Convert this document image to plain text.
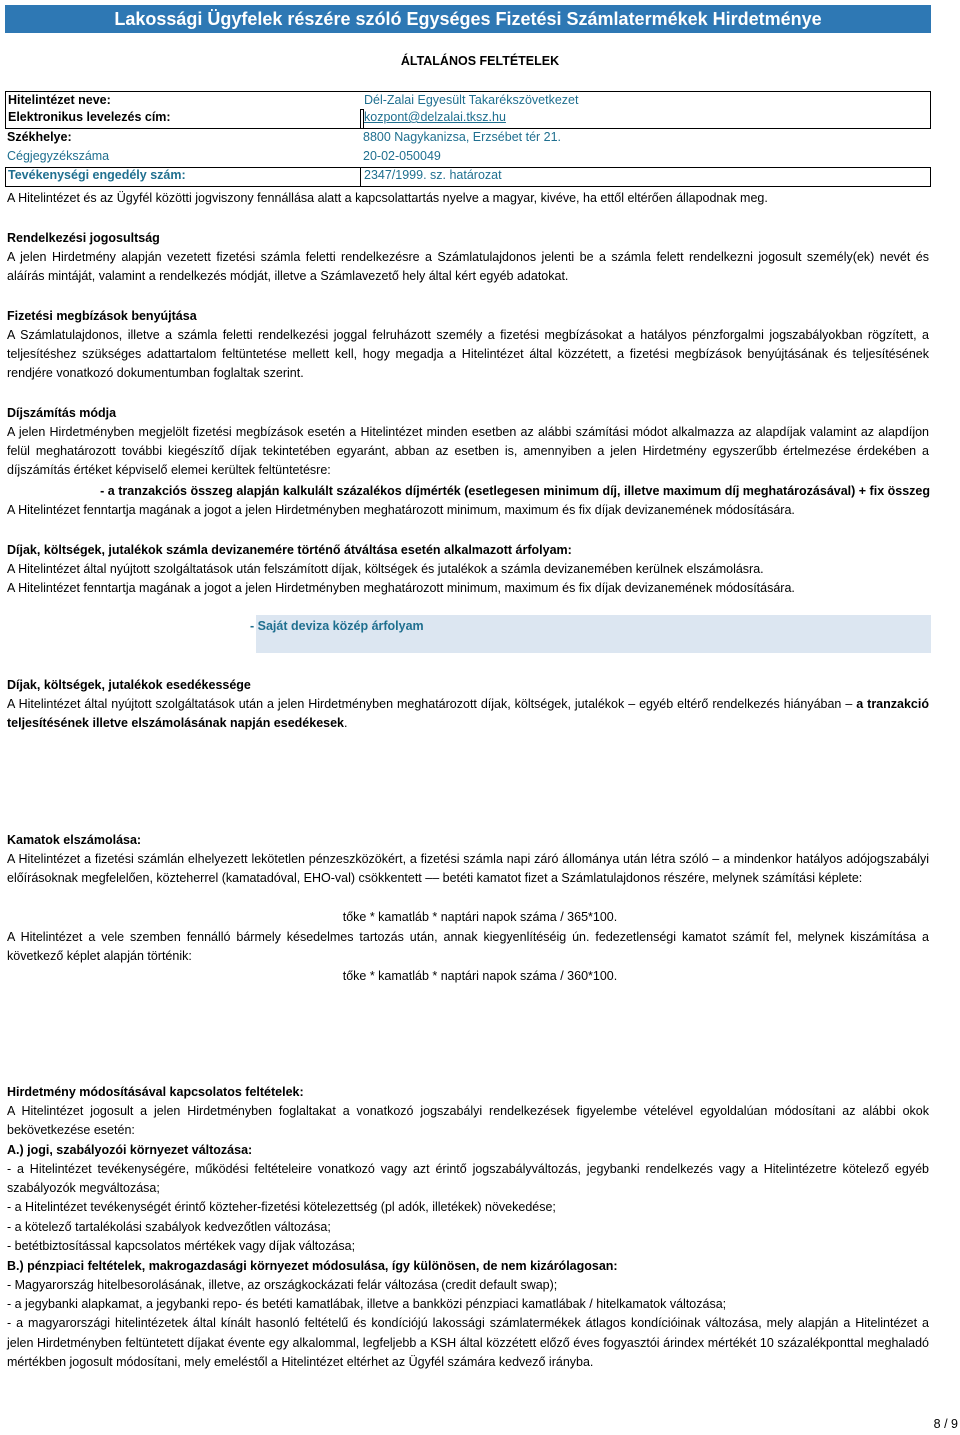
Lakossági Ügyfelek részére szóló Egységes Fizetési Számlatermékek Hirdetménye
ÁLTALÁNOS FELTÉTELEK
Hitelintézet neve:	Dél-Zalai Egyesült Takarékszövetkezet
Elektronikus levelezés cím:	kozpont@delzalai.tksz.hu
Székhelye:	8800 Nagykanizsa, Erzsébet tér 21.
Cégjegyzékszáma	20-02-050049
Tevékenységi engedély szám:	2347/1999. sz. határozat
A Hitelintézet és az Ügyfél közötti jogviszony fennállása alatt a kapcsolattartás nyelve a magyar, kivéve, ha ettől eltérően állapodnak meg.
Rendelkezési jogosultság
A jelen Hirdetmény alapján vezetett fizetési számla feletti rendelkezésre a Számlatulajdonos jelenti be a számla felett rendelkezni jogosult személy(ek) nevét és aláírás mintáját, valamint a rendelkezés módját, illetve a Számlavezető hely által kért egyéb adatokat.
Fizetési megbízások benyújtása
A Számlatulajdonos, illetve a számla feletti rendelkezési joggal felruházott személy a fizetési megbízásokat a hatályos pénzforgalmi jogszabályokban rögzített, a teljesítéshez szükséges adattartalom feltüntetése mellett kell, hogy megadja a Hitelintézet által közzétett, a fizetési megbízások benyújtásának és teljesítésének rendjére vonatkozó dokumentumban foglaltak szerint.
Díjszámítás módja
A jelen Hirdetményben megjelölt fizetési megbízások esetén a Hitelintézet minden esetben az alábbi számítási módot alkalmazza az alapdíjak valamint az alapdíjon felül meghatározott további kiegészítő díjak tekintetében egyaránt, abban az esetben is, amennyiben a jelen Hirdetmény egyszerűbb értelmezése érdekében a díjszámítás értéket képviselő elemei kerültek feltüntetésre:
- a tranzakciós összeg alapján kalkulált százalékos díjmérték (esetlegesen minimum díj, illetve maximum díj meghatározásával) + fix összeg
A Hitelintézet fenntartja magának a jogot a jelen Hirdetményben meghatározott minimum, maximum és fix díjak devizanemének módosítására.
Díjak, költségek, jutalékok számla devizanemére történő átváltása esetén alkalmazott árfolyam:
A Hitelintézet által nyújtott szolgáltatások után felszámított díjak, költségek és jutalékok a számla devizanemében kerülnek elszámolásra.
A Hitelintézet fenntartja magának a jogot a jelen Hirdetményben meghatározott minimum, maximum és fix díjak devizanemének módosítására.
- Saját deviza közép árfolyam
Díjak, költségek, jutalékok esedékessége
A Hitelintézet által nyújtott szolgáltatások után a jelen Hirdetményben meghatározott díjak, költségek, jutalékok – egyéb eltérő rendelkezés hiányában – a tranzakció teljesítésének illetve elszámolásának napján esedékesek.
Kamatok elszámolása:
A Hitelintézet a fizetési számlán elhelyezett lekötetlen pénzeszközökért, a fizetési számla napi záró állománya után létra szóló – a mindenkor hatályos adójogszabályi előírásoknak megfelelően, közteherrel (kamatadóval, EHO-val) csökkentett –– betéti kamatot fizet a Számlatulajdonos részére, melynek számítási képlete:
tőke * kamatláb * naptári napok száma / 365*100.
A Hitelintézet a vele szemben fennálló bármely késedelmes tartozás után, annak kiegyenlítéséig ún. fedezetlenségi kamatot számít fel, melynek kiszámítása a következő képlet alapján történik:
tőke * kamatláb * naptári napok száma / 360*100.
Hirdetmény módosításával kapcsolatos feltételek:
A Hitelintézet jogosult a jelen Hirdetményben foglaltakat a vonatkozó jogszabályi rendelkezések figyelembe vételével egyoldalúan módosítani az alábbi okok bekövetkezése esetén:
A.) jogi, szabályozói környezet változása:
- a Hitelintézet tevékenységére, működési feltételeire vonatkozó vagy azt érintő jogszabályváltozás, jegybanki rendelkezés vagy a Hitelintézetre kötelező egyéb szabályozók megváltozása;
- a Hitelintézet tevékenységét érintő közteher-fizetési kötelezettség (pl adók, illetékek) növekedése;
- a kötelező tartalékolási szabályok kedvezőtlen változása;
- betétbiztosítással kapcsolatos mértékek vagy díjak változása;
B.) pénzpiaci feltételek, makrogazdasági környezet módosulása, így különösen, de nem kizárólagosan:
- Magyarország hitelbesorolásának, illetve, az országkockázati felár változása (credit default swap);
- a jegybanki alapkamat, a jegybanki repo- és betéti kamatlábak, illetve a bankközi pénzpiaci kamatlábak / hitelkamatok változása;
- a magyarországi hitelintézetek által kínált hasonló feltételű és kondíciójú lakossági számlatermékek átlagos kondícióinak változása, mely alapján a Hitelintézet a jelen Hirdetményben feltüntetett díjakat évente egy alkalommal, legfeljebb a KSH által közzétett előző éves fogyasztói árindex mértékét 10 százalékponttal meghaladó mértékben jogosult módosítani, mely emeléstől a Hitelintézet eltérhet az Ügyfél számára kedvező irányba.
8 / 9
